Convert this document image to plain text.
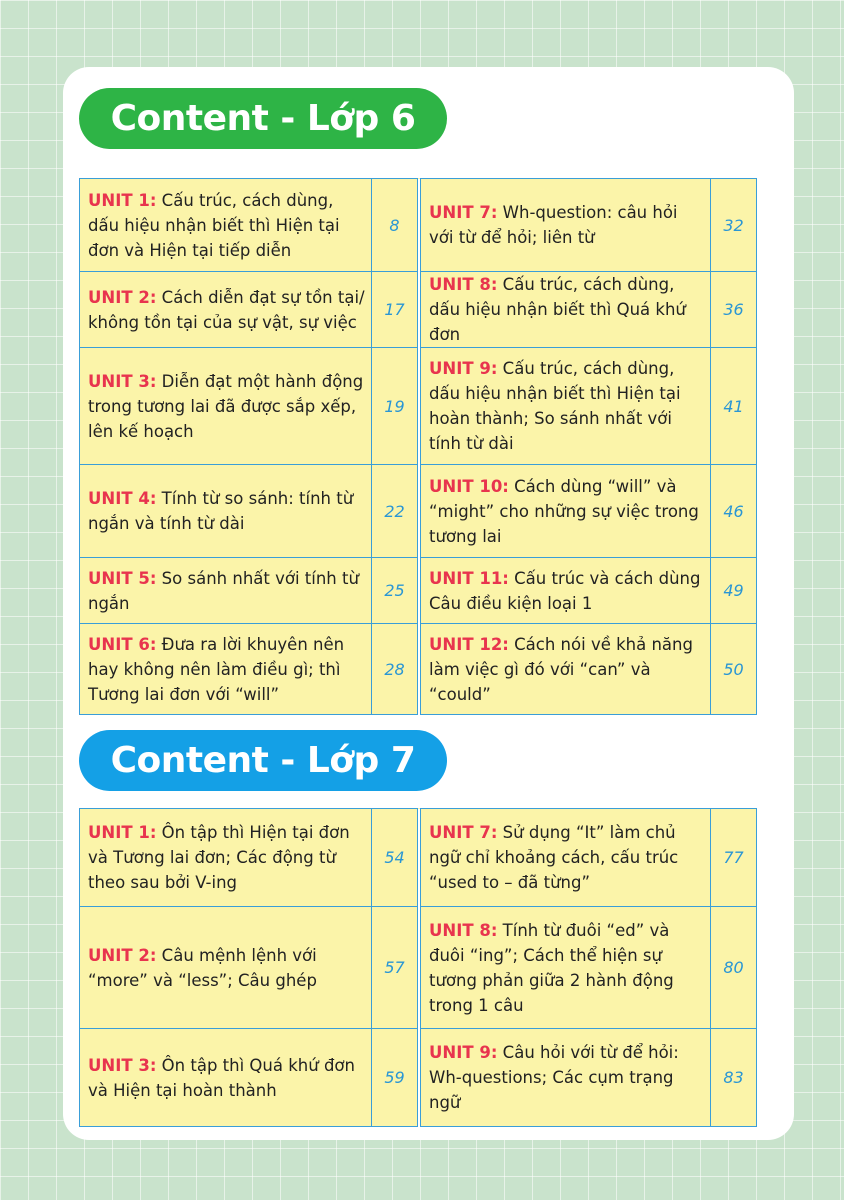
Content - Lớp 6
UNIT 1: Cấu trúc, cách dùng, dấu hiệu nhận biết thì Hiện tại đơn và Hiện tại tiếp diễn	8		UNIT 7: Wh-question: câu hỏi với từ để hỏi; liên từ	32
UNIT 2: Cách diễn đạt sự tồn tại/ không tồn tại của sự vật, sự việc	17		UNIT 8: Cấu trúc, cách dùng, dấu hiệu nhận biết thì Quá khứ đơn	36
UNIT 3: Diễn đạt một hành động trong tương lai đã được sắp xếp, lên kế hoạch	19		UNIT 9: Cấu trúc, cách dùng, dấu hiệu nhận biết thì Hiện tại hoàn thành; So sánh nhất với tính từ dài	41
UNIT 4: Tính từ so sánh: tính từ ngắn và tính từ dài	22		UNIT 10: Cách dùng “will” và “might” cho những sự việc trong tương lai	46
UNIT 5: So sánh nhất với tính từ ngắn	25		UNIT 11: Cấu trúc và cách dùng Câu điều kiện loại 1	49
UNIT 6: Đưa ra lời khuyên nên hay không nên làm điều gì; thì Tương lai đơn với “will”	28		UNIT 12: Cách nói về khả năng làm việc gì đó với “can” và “could”	50
Content - Lớp 7
UNIT 1: Ôn tập thì Hiện tại đơn và Tương lai đơn; Các động từ theo sau bởi V-ing	54		UNIT 7: Sử dụng “It” làm chủ ngữ chỉ khoảng cách, cấu trúc “used to – đã từng”	77
UNIT 2: Câu mệnh lệnh với “more” và “less”; Câu ghép	57		UNIT 8: Tính từ đuôi “ed” và đuôi “ing”; Cách thể hiện sự tương phản giữa 2 hành động trong 1 câu	80
UNIT 3: Ôn tập thì Quá khứ đơn và Hiện tại hoàn thành	59		UNIT 9: Câu hỏi với từ để hỏi: Wh-questions; Các cụm trạng ngữ	83
